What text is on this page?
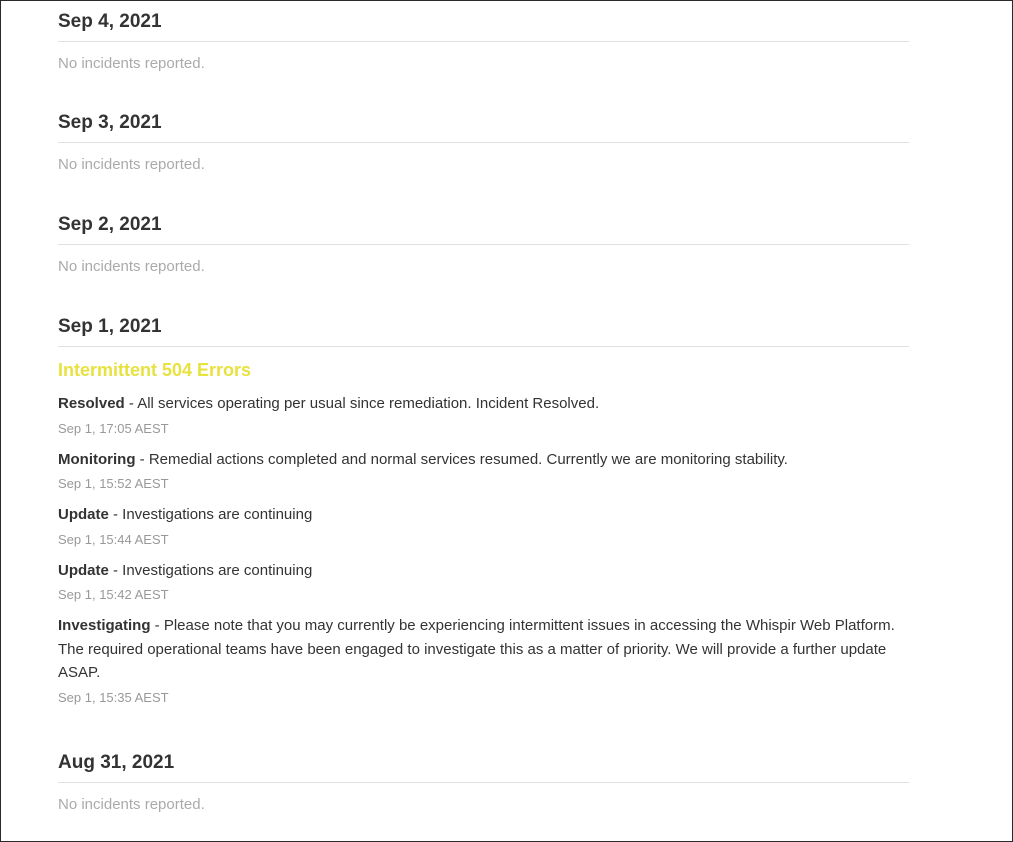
Sep 4, 2021
No incidents reported.
Sep 3, 2021
No incidents reported.
Sep 2, 2021
No incidents reported.
Sep 1, 2021
Intermittent 504 Errors
Resolved - All services operating per usual since remediation. Incident Resolved.
Sep 1, 17:05 AEST
Monitoring - Remedial actions completed and normal services resumed. Currently we are monitoring stability.
Sep 1, 15:52 AEST
Update - Investigations are continuing
Sep 1, 15:44 AEST
Update - Investigations are continuing
Sep 1, 15:42 AEST
Investigating - Please note that you may currently be experiencing intermittent issues in accessing the Whispir Web Platform. The required operational teams have been engaged to investigate this as a matter of priority. We will provide a further update ASAP.
Sep 1, 15:35 AEST
Aug 31, 2021
No incidents reported.
